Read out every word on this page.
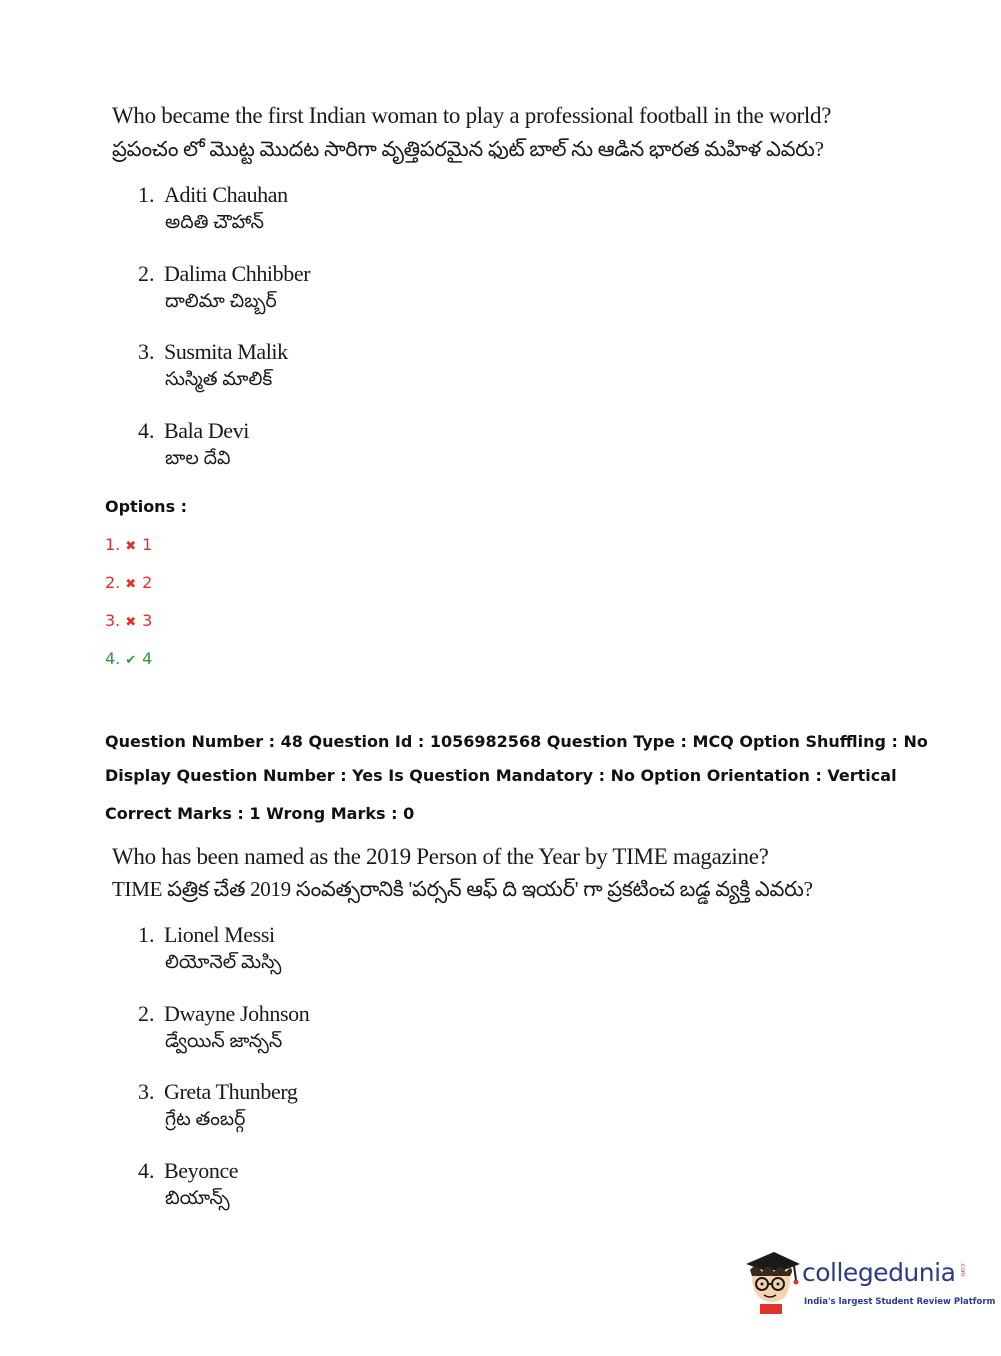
Who became the first Indian woman to play a professional football in the world?
ప్రపంచం లో మొట్ట మొదట సారిగా వృత్తిపరమైన ఫుట్ బాల్ ను ఆడిన భారత మహిళ ఎవరు?
1. Aditi Chauhan
అదితి చౌహాన్
2. Dalima Chhibber
దాలిమా చిబ్బర్
3. Susmita Malik
సుస్మిత మాలిక్
4. Bala Devi
బాల దేవి
Options :
1. ✖ 1
2. ✖ 2
3. ✖ 3
4. ✔ 4
Question Number : 48 Question Id : 1056982568 Question Type : MCQ Option Shuffling : No
Display Question Number : Yes Is Question Mandatory : No Option Orientation : Vertical
Correct Marks : 1 Wrong Marks : 0
Who has been named as the 2019 Person of the Year by TIME magazine?
TIME పత్రిక చేత 2019 సంవత్సరానికి 'పర్సన్ ఆఫ్ ది ఇయర్' గా ప్రకటించ బడ్డ వ్యక్తి ఎవరు?
1. Lionel Messi
లియోనెల్ మెస్సి
2. Dwayne Johnson
డ్వేయిన్ జాన్సన్
3. Greta Thunberg
గ్రేట తంబర్గ్
4. Beyonce
బియాన్స్
collegedunia .com
India's largest Student Review Platform
